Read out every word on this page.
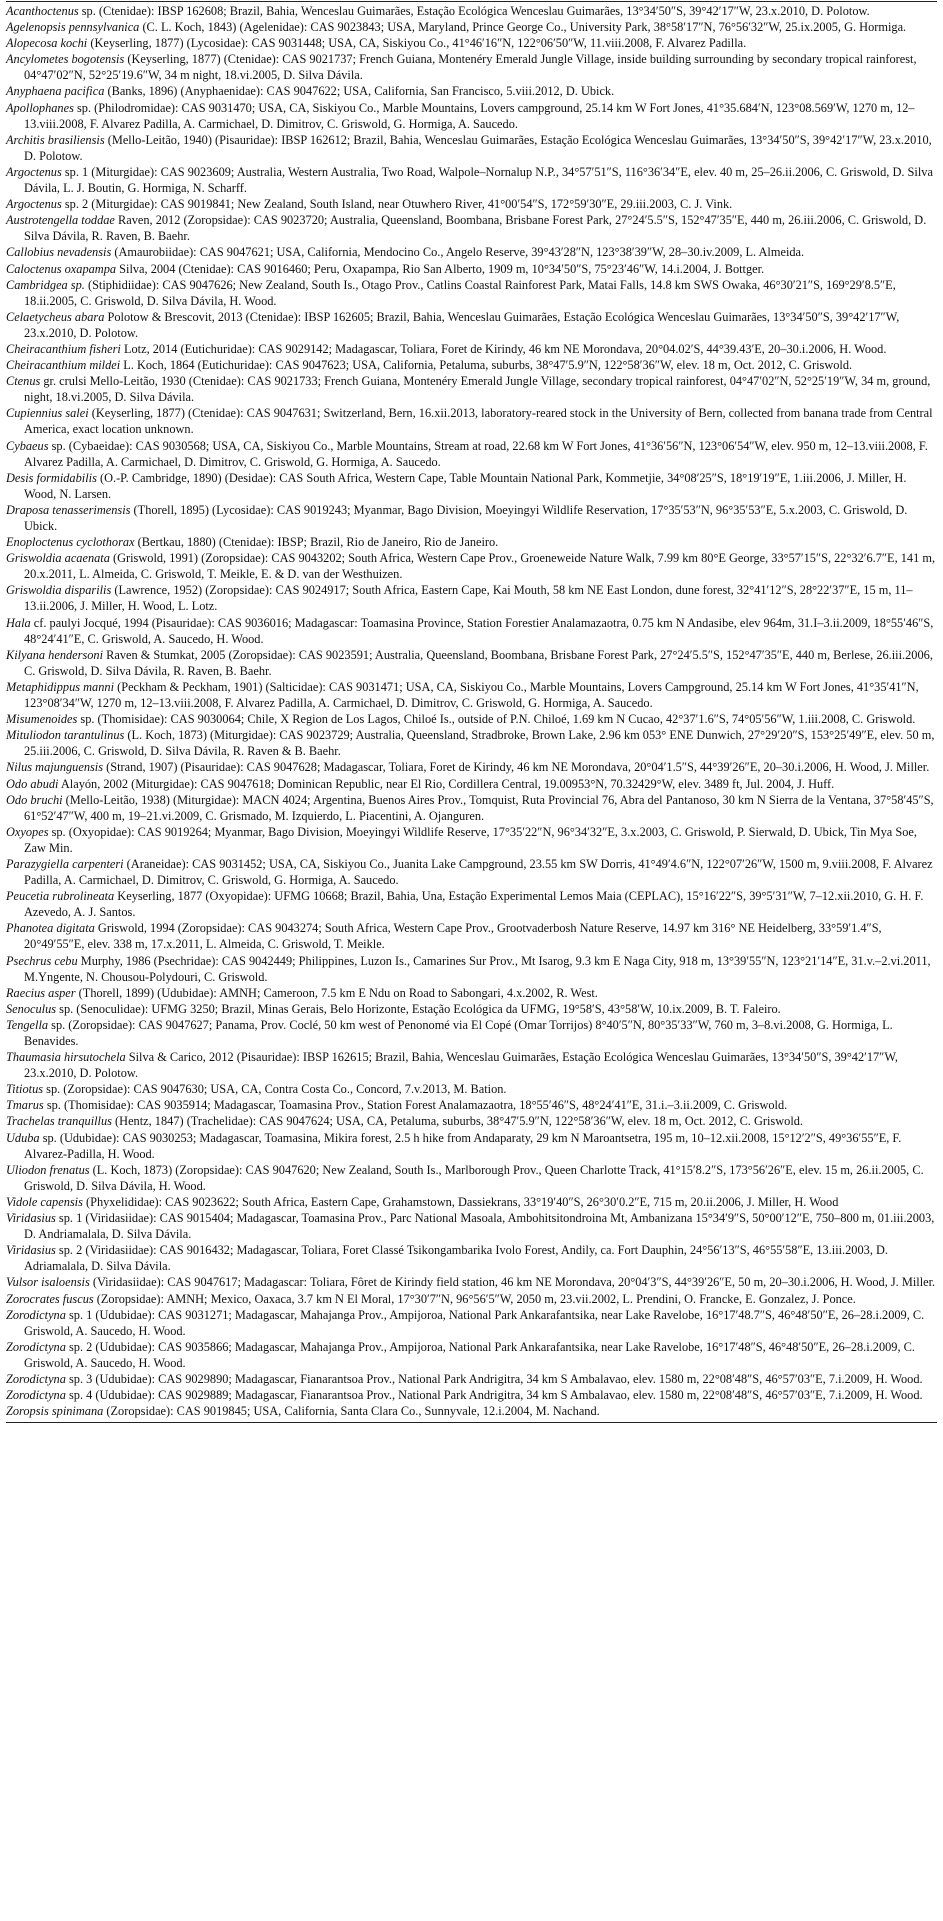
Acanthoctenus sp. (Ctenidae): IBSP 162608; Brazil, Bahia, Wenceslau Guimarães, Estação Ecológica Wenceslau Guimarães, 13°34′50″S, 39°42′17″W, 23.x.2010, D. Polotow.
Agelenopsis pennsylvanica (C. L. Koch, 1843) (Agelenidae): CAS 9023843; USA, Maryland, Prince George Co., University Park, 38°58′17″N, 76°56′32″W, 25.ix.2005, G. Hormiga.
Alopecosa kochi (Keyserling, 1877) (Lycosidae): CAS 9031448; USA, CA, Siskiyou Co., 41°46′16″N, 122°06′50″W, 11.viii.2008, F. Alvarez Padilla.
Ancylometes bogotensis (Keyserling, 1877) (Ctenidae): CAS 9021737; French Guiana, Montenéry Emerald Jungle Village, inside building surrounding by secondary tropical rainforest, 04°47′02″N, 52°25′19.6″W, 34 m night, 18.vi.2005, D. Silva Dávila.
Anyphaena pacifica (Banks, 1896) (Anyphaenidae): CAS 9047622; USA, California, San Francisco, 5.viii.2012, D. Ubick.
Apollophanes sp. (Philodromidae): CAS 9031470; USA, CA, Siskiyou Co., Marble Mountains, Lovers campground, 25.14 km W Fort Jones, 41°35.684′N, 123°08.569′W, 1270 m, 12–13.viii.2008, F. Alvarez Padilla, A. Carmichael, D. Dimitrov, C. Griswold, G. Hormiga, A. Saucedo.
Architis brasiliensis (Mello-Leitão, 1940) (Pisauridae): IBSP 162612; Brazil, Bahia, Wenceslau Guimarães, Estação Ecológica Wenceslau Guimarães, 13°34′50″S, 39°42′17″W, 23.x.2010, D. Polotow.
Argoctenus sp. 1 (Miturgidae): CAS 9023609; Australia, Western Australia, Two Road, Walpole–Nornalup N.P., 34°57′51″S, 116°36′34″E, elev. 40 m, 25–26.ii.2006, C. Griswold, D. Silva Dávila, L. J. Boutin, G. Hormiga, N. Scharff.
Argoctenus sp. 2 (Miturgidae): CAS 9019841; New Zealand, South Island, near Otuwhero River, 41°00′54″S, 172°59′30″E, 29.iii.2003, C. J. Vink.
Austrotengella toddae Raven, 2012 (Zoropsidae): CAS 9023720; Australia, Queensland, Boombana, Brisbane Forest Park, 27°24′5.5″S, 152°47′35″E, 440 m, 26.iii.2006, C. Griswold, D. Silva Dávila, R. Raven, B. Baehr.
Callobius nevadensis (Amaurobiidae): CAS 9047621; USA, California, Mendocino Co., Angelo Reserve, 39°43′28″N, 123°38′39″W, 28–30.iv.2009, L. Almeida.
Caloctenus oxapampa Silva, 2004 (Ctenidae): CAS 9016460; Peru, Oxapampa, Rio San Alberto, 1909 m, 10°34′50″S, 75°23′46″W, 14.i.2004, J. Bottger.
Cambridgea sp. (Stiphidiidae): CAS 9047626; New Zealand, South Is., Otago Prov., Catlins Coastal Rainforest Park, Matai Falls, 14.8 km SWS Owaka, 46°30′21″S, 169°29′8.5″E, 18.ii.2005, C. Griswold, D. Silva Dávila, H. Wood.
Celaetycheus abara Polotow & Brescovit, 2013 (Ctenidae): IBSP 162605; Brazil, Bahia, Wenceslau Guimarães, Estação Ecológica Wenceslau Guimarães, 13°34′50″S, 39°42′17″W, 23.x.2010, D. Polotow.
Cheiracanthium fisheri Lotz, 2014 (Eutichuridae): CAS 9029142; Madagascar, Toliara, Foret de Kirindy, 46 km NE Morondava, 20°04.02′S, 44°39.43′E, 20–30.i.2006, H. Wood.
Cheiracanthium mildei L. Koch, 1864 (Eutichuridae): CAS 9047623; USA, California, Petaluma, suburbs, 38°47′5.9″N, 122°58′36″W, elev. 18 m, Oct. 2012, C. Griswold.
Ctenus gr. crulsi Mello-Leitão, 1930 (Ctenidae): CAS 9021733; French Guiana, Montenéry Emerald Jungle Village, secondary tropical rainforest, 04°47′02″N, 52°25′19″W, 34 m, ground, night, 18.vi.2005, D. Silva Dávila.
Cupiennius salei (Keyserling, 1877) (Ctenidae): CAS 9047631; Switzerland, Bern, 16.xii.2013, laboratory-reared stock in the University of Bern, collected from banana trade from Central America, exact location unknown.
Cybaeus sp. (Cybaeidae): CAS 9030568; USA, CA, Siskiyou Co., Marble Mountains, Stream at road, 22.68 km W Fort Jones, 41°36′56″N, 123°06′54″W, elev. 950 m, 12–13.viii.2008, F. Alvarez Padilla, A. Carmichael, D. Dimitrov, C. Griswold, G. Hormiga, A. Saucedo.
Desis formidabilis (O.-P. Cambridge, 1890) (Desidae): CAS South Africa, Western Cape, Table Mountain National Park, Kommetjie, 34°08′25″S, 18°19′19″E, 1.iii.2006, J. Miller, H. Wood, N. Larsen.
Draposa tenasserimensis (Thorell, 1895) (Lycosidae): CAS 9019243; Myanmar, Bago Division, Moeyingyi Wildlife Reservation, 17°35′53″N, 96°35′53″E, 5.x.2003, C. Griswold, D. Ubick.
Enoploctenus cyclothorax (Bertkau, 1880) (Ctenidae): IBSP; Brazil, Rio de Janeiro, Rio de Janeiro.
Griswoldia acaenata (Griswold, 1991) (Zoropsidae): CAS 9043202; South Africa, Western Cape Prov., Groeneweide Nature Walk, 7.99 km 80°E George, 33°57′15″S, 22°32′6.7″E, 141 m, 20.x.2011, L. Almeida, C. Griswold, T. Meikle, E. & D. van der Westhuizen.
Griswoldia disparilis (Lawrence, 1952) (Zoropsidae): CAS 9024917; South Africa, Eastern Cape, Kai Mouth, 58 km NE East London, dune forest, 32°41′12″S, 28°22′37″E, 15 m, 11–13.ii.2006, J. Miller, H. Wood, L. Lotz.
Hala cf. paulyi Jocqué, 1994 (Pisauridae): CAS 9036016; Madagascar: Toamasina Province, Station Forestier Analamazaotra, 0.75 km N Andasibe, elev 964m, 31.I–3.ii.2009, 18°55′46″S, 48°24′41″E, C. Griswold, A. Saucedo, H. Wood.
Kilyana hendersoni Raven & Stumkat, 2005 (Zoropsidae): CAS 9023591; Australia, Queensland, Boombana, Brisbane Forest Park, 27°24′5.5″S, 152°47′35″E, 440 m, Berlese, 26.iii.2006, C. Griswold, D. Silva Dávila, R. Raven, B. Baehr.
Metaphidippus manni (Peckham & Peckham, 1901) (Salticidae): CAS 9031471; USA, CA, Siskiyou Co., Marble Mountains, Lovers Campground, 25.14 km W Fort Jones, 41°35′41″N, 123°08′34″W, 1270 m, 12–13.viii.2008, F. Alvarez Padilla, A. Carmichael, D. Dimitrov, C. Griswold, G. Hormiga, A. Saucedo.
Misumenoides sp. (Thomisidae): CAS 9030064; Chile, X Region de Los Lagos, Chiloé Is., outside of P.N. Chiloé, 1.69 km N Cucao, 42°37′1.6″S, 74°05′56″W, 1.iii.2008, C. Griswold.
Mituliodon tarantulinus (L. Koch, 1873) (Miturgidae): CAS 9023729; Australia, Queensland, Stradbroke, Brown Lake, 2.96 km 053° ENE Dunwich, 27°29′20″S, 153°25′49″E, elev. 50 m, 25.iii.2006, C. Griswold, D. Silva Dávila, R. Raven & B. Baehr.
Nilus majunguensis (Strand, 1907) (Pisauridae): CAS 9047628; Madagascar, Toliara, Foret de Kirindy, 46 km NE Morondava, 20°04′1.5″S, 44°39′26″E, 20–30.i.2006, H. Wood, J. Miller.
Odo abudi Alayón, 2002 (Miturgidae): CAS 9047618; Dominican Republic, near El Rio, Cordillera Central, 19.00953°N, 70.32429°W, elev. 3489 ft, Jul. 2004, J. Huff.
Odo bruchi (Mello-Leitão, 1938) (Miturgidae): MACN 4024; Argentina, Buenos Aires Prov., Tomquist, Ruta Provincial 76, Abra del Pantanoso, 30 km N Sierra de la Ventana, 37°58′45″S, 61°52′47″W, 400 m, 19–21.vi.2009, C. Grismado, M. Izquierdo, L. Piacentini, A. Ojanguren.
Oxyopes sp. (Oxyopidae): CAS 9019264; Myanmar, Bago Division, Moeyingyi Wildlife Reserve, 17°35′22″N, 96°34′32″E, 3.x.2003, C. Griswold, P. Sierwald, D. Ubick, Tin Mya Soe, Zaw Min.
Parazygiella carpenteri (Araneidae): CAS 9031452; USA, CA, Siskiyou Co., Juanita Lake Campground, 23.55 km SW Dorris, 41°49′4.6″N, 122°07′26″W, 1500 m, 9.viii.2008, F. Alvarez Padilla, A. Carmichael, D. Dimitrov, C. Griswold, G. Hormiga, A. Saucedo.
Peucetia rubrolineata Keyserling, 1877 (Oxyopidae): UFMG 10668; Brazil, Bahia, Una, Estação Experimental Lemos Maia (CEPLAC), 15°16′22″S, 39°5′31″W, 7–12.xii.2010, G. H. F. Azevedo, A. J. Santos.
Phanotea digitata Griswold, 1994 (Zoropsidae): CAS 9043274; South Africa, Western Cape Prov., Grootvaderbosh Nature Reserve, 14.97 km 316° NE Heidelberg, 33°59′1.4″S, 20°49′55″E, elev. 338 m, 17.x.2011, L. Almeida, C. Griswold, T. Meikle.
Psechrus cebu Murphy, 1986 (Psechridae): CAS 9042449; Philippines, Luzon Is., Camarines Sur Prov., Mt Isarog, 9.3 km E Naga City, 918 m, 13°39′55″N, 123°21′14″E, 31.v.–2.vi.2011, M.Yngente, N. Chousou-Polydouri, C. Griswold.
Raecius asper (Thorell, 1899) (Udubidae): AMNH; Cameroon, 7.5 km E Ndu on Road to Sabongari, 4.x.2002, R. West.
Senoculus sp. (Senoculidae): UFMG 3250; Brazil, Minas Gerais, Belo Horizonte, Estação Ecológica da UFMG, 19°58′S, 43°58′W, 10.ix.2009, B. T. Faleiro.
Tengella sp. (Zoropsidae): CAS 9047627; Panama, Prov. Coclé, 50 km west of Penonomé via El Copé (Omar Torrijos) 8°40′5″N, 80°35′33″W, 760 m, 3–8.vi.2008, G. Hormiga, L. Benavides.
Thaumasia hirsutochela Silva & Carico, 2012 (Pisauridae): IBSP 162615; Brazil, Bahia, Wenceslau Guimarães, Estação Ecológica Wenceslau Guimarães, 13°34′50″S, 39°42′17″W, 23.x.2010, D. Polotow.
Titiotus sp. (Zoropsidae): CAS 9047630; USA, CA, Contra Costa Co., Concord, 7.v.2013, M. Bation.
Tmarus sp. (Thomisidae): CAS 9035914; Madagascar, Toamasina Prov., Station Forest Analamazaotra, 18°55′46″S, 48°24′41″E, 31.i.–3.ii.2009, C. Griswold.
Trachelas tranquillus (Hentz, 1847) (Trachelidae): CAS 9047624; USA, CA, Petaluma, suburbs, 38°47′5.9″N, 122°58′36″W, elev. 18 m, Oct. 2012, C. Griswold.
Uduba sp. (Udubidae): CAS 9030253; Madagascar, Toamasina, Mikira forest, 2.5 h hike from Andaparaty, 29 km N Maroantsetra, 195 m, 10–12.xii.2008, 15°12′2″S, 49°36′55″E, F. Alvarez-Padilla, H. Wood.
Uliodon frenatus (L. Koch, 1873) (Zoropsidae): CAS 9047620; New Zealand, South Is., Marlborough Prov., Queen Charlotte Track, 41°15′8.2″S, 173°56′26″E, elev. 15 m, 26.ii.2005, C. Griswold, D. Silva Dávila, H. Wood.
Vidole capensis (Phyxelididae): CAS 9023622; South Africa, Eastern Cape, Grahamstown, Dassiekrans, 33°19′40″S, 26°30′0.2″E, 715 m, 20.ii.2006, J. Miller, H. Wood
Viridasius sp. 1 (Viridasiidae): CAS 9015404; Madagascar, Toamasina Prov., Parc National Masoala, Ambohitsitondroina Mt, Ambanizana 15°34′9″S, 50°00′12″E, 750–800 m, 01.iii.2003, D. Andriamalala, D. Silva Dávila.
Viridasius sp. 2 (Viridasiidae): CAS 9016432; Madagascar, Toliara, Foret Classé Tsikongambarika Ivolo Forest, Andily, ca. Fort Dauphin, 24°56′13″S, 46°55′58″E, 13.iii.2003, D. Adriamalala, D. Silva Dávila.
Vulsor isaloensis (Viridasiidae): CAS 9047617; Madagascar: Toliara, Fôret de Kirindy field station, 46 km NE Morondava, 20°04′3″S, 44°39′26″E, 50 m, 20–30.i.2006, H. Wood, J. Miller.
Zorocrates fuscus (Zoropsidae): AMNH; Mexico, Oaxaca, 3.7 km N El Moral, 17°30′7″N, 96°56′5″W, 2050 m, 23.vii.2002, L. Prendini, O. Francke, E. Gonzalez, J. Ponce.
Zorodictyna sp. 1 (Udubidae): CAS 9031271; Madagascar, Mahajanga Prov., Ampijoroa, National Park Ankarafantsika, near Lake Ravelobe, 16°17′48.7″S, 46°48′50″E, 26–28.i.2009, C. Griswold, A. Saucedo, H. Wood.
Zorodictyna sp. 2 (Udubidae): CAS 9035866; Madagascar, Mahajanga Prov., Ampijoroa, National Park Ankarafantsika, near Lake Ravelobe, 16°17′48″S, 46°48′50″E, 26–28.i.2009, C. Griswold, A. Saucedo, H. Wood.
Zorodictyna sp. 3 (Udubidae): CAS 9029890; Madagascar, Fianarantsoa Prov., National Park Andrigitra, 34 km S Ambalavao, elev. 1580 m, 22°08′48″S, 46°57′03″E, 7.i.2009, H. Wood.
Zorodictyna sp. 4 (Udubidae): CAS 9029889; Madagascar, Fianarantsoa Prov., National Park Andrigitra, 34 km S Ambalavao, elev. 1580 m, 22°08′48″S, 46°57′03″E, 7.i.2009, H. Wood.
Zoropsis spinimana (Zoropsidae): CAS 9019845; USA, California, Santa Clara Co., Sunnyvale, 12.i.2004, M. Nachand.
